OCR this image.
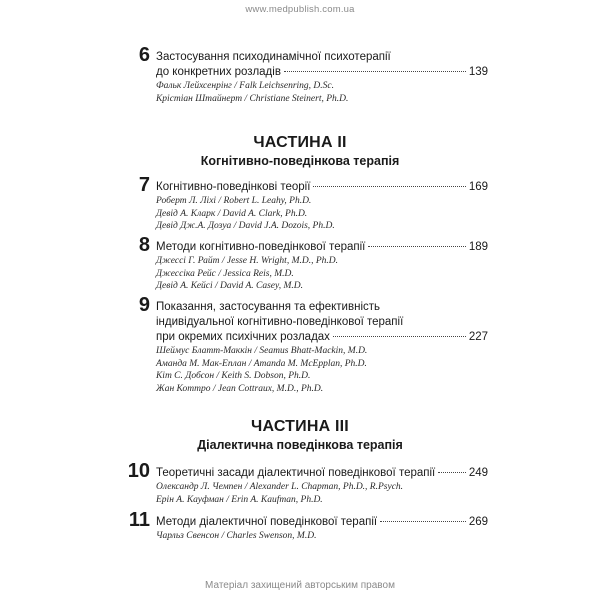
www.medpublish.com.ua
6 Застосування психодинамічної психотерапії
до конкретних розладів	139
Фальк Лейхсенрінг / Falk Leichsenring, D.Sc.
Крістіан Штайнерт / Christiane Steinert, Ph.D.
ЧАСТИНА II
Когнітивно-поведінкова терапія
7 Когнітивно-поведінкові теорії	169
Роберт Л. Ліхі / Robert L. Leahy, Ph.D.
Девід А. Кларк / David A. Clark, Ph.D.
Девід Дж.А. Дозуа / David J.A. Dozois, Ph.D.
8 Методи когнітивно-поведінкової терапії	189
Джессі Г. Райт / Jesse H. Wright, M.D., Ph.D.
Джессіка Рейс / Jessica Reis, M.D.
Девід А. Кейсі / David A. Casey, M.D.
9 Показання, застосування та ефективність
індивідуальної когнітивно-поведінкової терапії
при окремих психічних розладах	227
Шеймус Блатт-Маккін / Seamus Bhatt-Mackin, M.D.
Аманда М. Мак-Еплан / Amanda M. McEpplan, Ph.D.
Кіт С. Добсон / Keith S. Dobson, Ph.D.
Жан Коттро / Jean Cottraux, M.D., Ph.D.
ЧАСТИНА III
Діалектична поведінкова терапія
10 Теоретичні засади діалектичної поведінкової терапії	249
Олександр Л. Чемпен / Alexander L. Chapman, Ph.D., R.Psych.
Ерін А. Кауфман / Erin A. Kaufman, Ph.D.
11 Методи діалектичної поведінкової терапії	269
Чарльз Свенсон / Charles Swenson, M.D.
Матеріал захищений авторським правом
